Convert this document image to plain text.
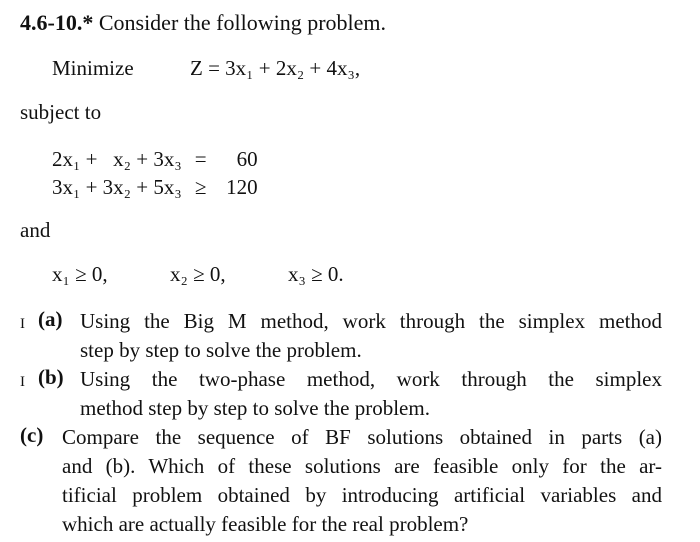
4.6-10.* Consider the following problem.
Minimize	Z = 3x₁ + 2x₂ + 4x₃,
subject to
2x₁ +   x₂ + 3x₃	=	60
3x₁ + 3x₂ + 5x₃	≥	120
and
x₁ ≥ 0,	x₂ ≥ 0,	x₃ ≥ 0.
I (a) Using the Big M method, work through the simplex method
step by step to solve the problem.
I (b) Using the two-phase method, work through the simplex
method step by step to solve the problem.
(c) Compare the sequence of BF solutions obtained in parts (a)
and (b). Which of these solutions are feasible only for the ar-
tificial problem obtained by introducing artificial variables and
which are actually feasible for the real problem?
